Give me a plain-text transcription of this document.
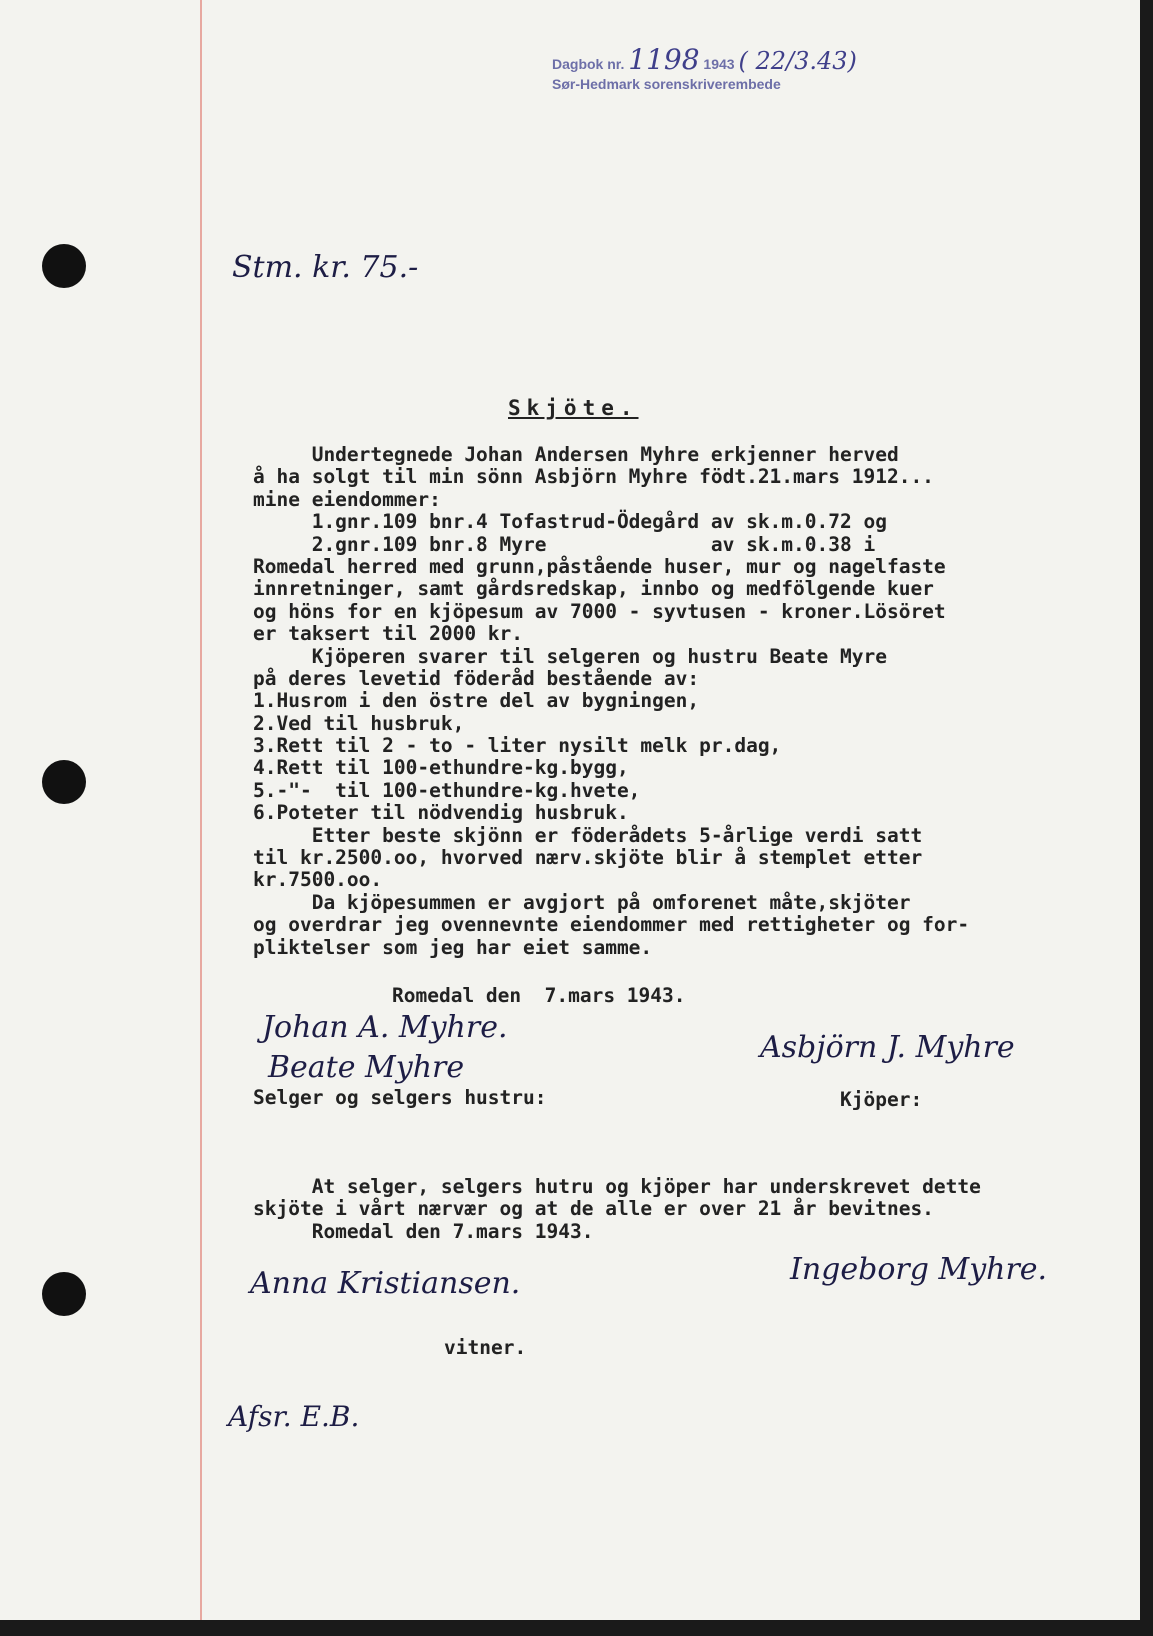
Dagbok nr. 1198 1943 ( 22/3.43)
Sør-Hedmark sorenskriverembede
Stm. kr. 75.-
Skjöte.
Undertegnede Johan Andersen Myhre erkjenner herved
å ha solgt til min sönn Asbjörn Myhre födt.21.mars 1912...
mine eiendommer:
1.gnr.109 bnr.4 Tofastrud-Ödegård av sk.m.0.72 og
2.gnr.109 bnr.8 Myre              av sk.m.0.38 i
Romedal herred med grunn,påstående huser, mur og nagelfaste
innretninger, samt gårdsredskap, innbo og medfölgende kuer
og höns for en kjöpesum av 7000 - syvtusen - kroner.Lösöret
er taksert til 2000 kr.
Kjöperen svarer til selgeren og hustru Beate Myre
på deres levetid föderåd bestående av:
1.Husrom i den östre del av bygningen,
2.Ved til husbruk,
3.Rett til 2 - to - liter nysilt melk pr.dag,
4.Rett til 100-ethundre-kg.bygg,
5.-"-  til 100-ethundre-kg.hvete,
6.Poteter til nödvendig husbruk.
Etter beste skjönn er föderådets 5-årlige verdi satt
til kr.2500.oo, hvorved nærv.skjöte blir å stemplet etter
kr.7500.oo.
Da kjöpesummen er avgjort på omforenet måte,skjöter
og overdrar jeg ovennevnte eiendommer med rettigheter og for-
pliktelser som jeg har eiet samme.
Romedal den  7.mars 1943.
Johan A. Myhre.
Beate Myhre
Selger og selgers hustru:
Asbjörn J. Myhre
Kjöper:
At selger, selgers hutru og kjöper har underskrevet dette
skjöte i vårt nærvær og at de alle er over 21 år bevitnes.
Romedal den 7.mars 1943.
Anna Kristiansen.	Ingeborg Myhre.
vitner.
Afsr. E.B.
